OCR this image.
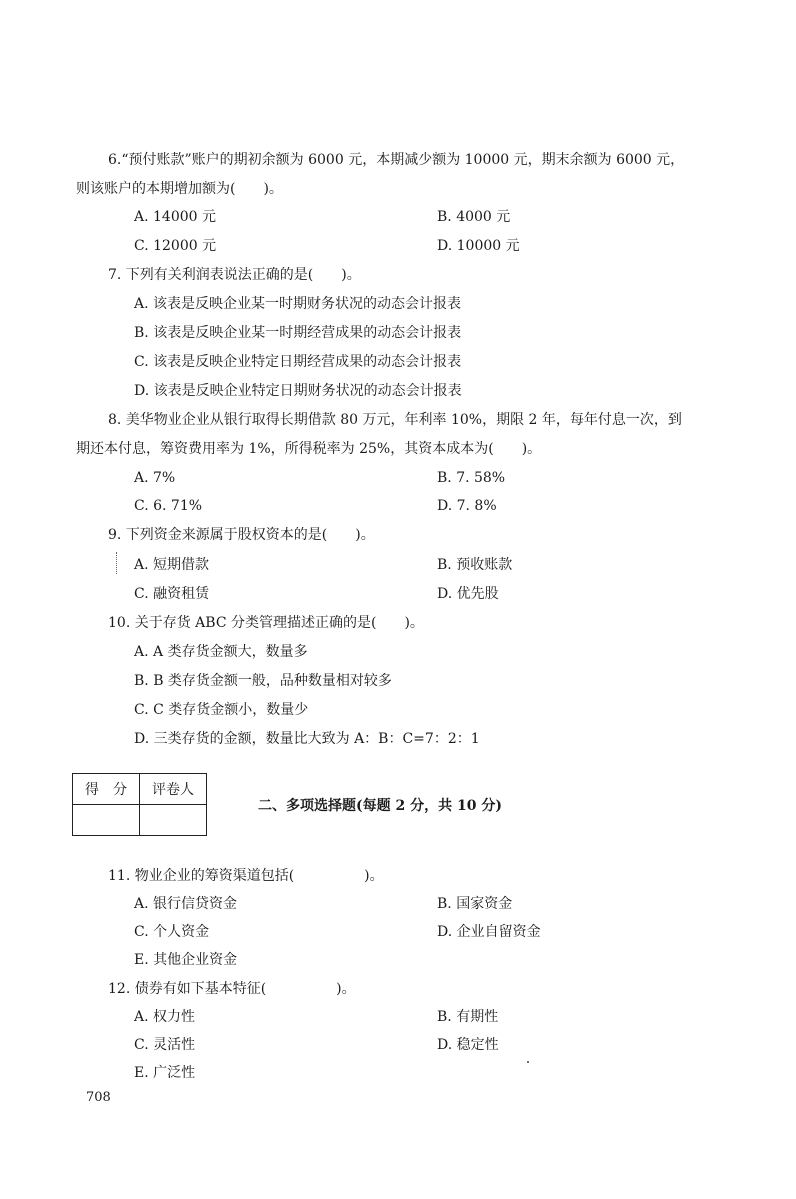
6.“预付账款”账户的期初余额为 6000 元，本期减少额为 10000 元，期末余额为 6000 元，
则该账户的本期增加额为(　　)。
A. 14000 元	B. 4000 元
C. 12000 元	D. 10000 元
7. 下列有关利润表说法正确的是(　　)。
A. 该表是反映企业某一时期财务状况的动态会计报表
B. 该表是反映企业某一时期经营成果的动态会计报表
C. 该表是反映企业特定日期经营成果的动态会计报表
D. 该表是反映企业特定日期财务状况的动态会计报表
8. 美华物业企业从银行取得长期借款 80 万元，年利率 10%，期限 2 年，每年付息一次，到
期还本付息，筹资费用率为 1%，所得税率为 25%，其资本成本为(　　)。
A. 7%	B. 7. 58%
C. 6. 71%	D. 7. 8%
9. 下列资金来源属于股权资本的是(　　)。
A. 短期借款	B. 预收账款
C. 融资租赁	D. 优先股
10. 关于存货 ABC 分类管理描述正确的是(　　)。
A. A 类存货金额大，数量多
B. B 类存货金额一般，品种数量相对较多
C. C 类存货金额小，数量少
D. 三类存货的金额，数量比大致为 A：B：C=7：2：1
得　分	评卷人

二、多项选择题(每题 2 分，共 10 分)
11. 物业企业的筹资渠道包括(　　　　　)。
A. 银行信贷资金	B. 国家资金
C. 个人资金	D. 企业自留资金
E. 其他企业资金
12. 债券有如下基本特征(　　　　　)。
A. 权力性	B. 有期性
C. 灵活性	D. 稳定性
E. 广泛性
708
